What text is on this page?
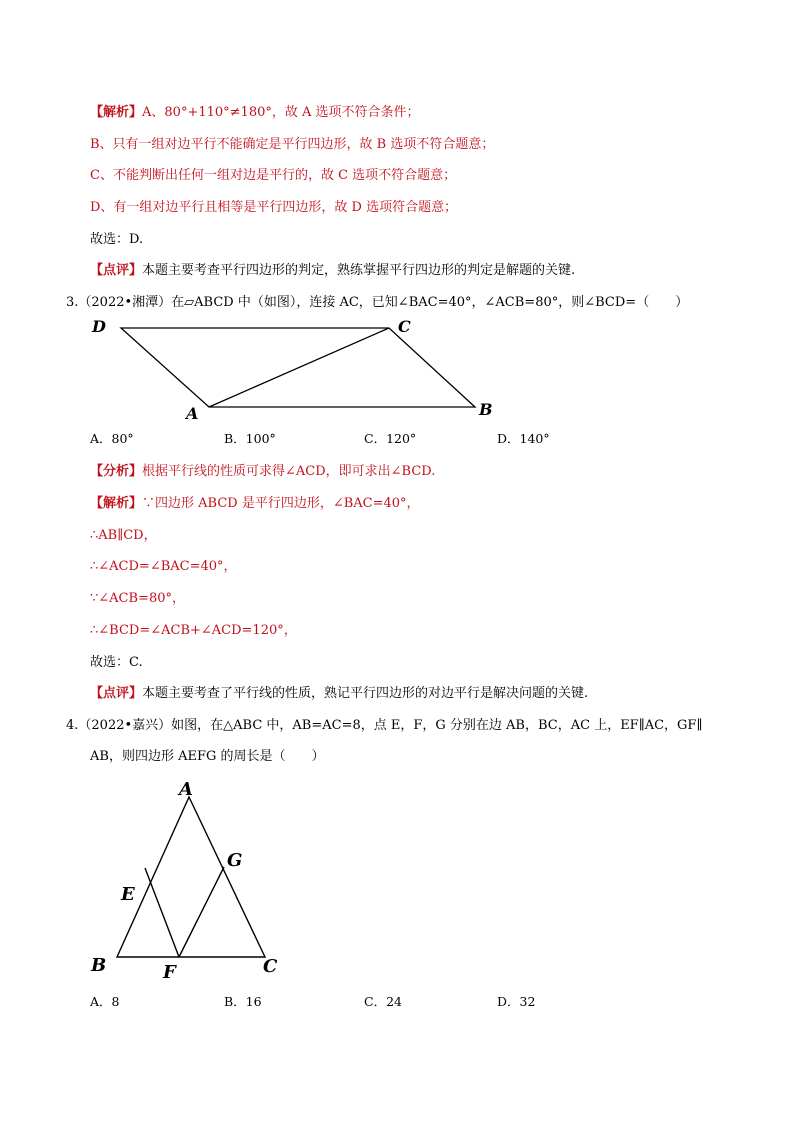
【解析】A、80°+110°≠180°，故 A 选项不符合条件；
B、只有一组对边平行不能确定是平行四边形，故 B 选项不符合题意；
C、不能判断出任何一组对边是平行的，故 C 选项不符合题意；
D、有一组对边平行且相等是平行四边形，故 D 选项符合题意；
故选：D.
【点评】本题主要考查平行四边形的判定，熟练掌握平行四边形的判定是解题的关键.
3.（2022•湘潭）在▱ABCD 中（如图），连接 AC，已知∠BAC=40°，∠ACB=80°，则∠BCD=（　　）
D	C
A	B
A．80°	B．100°	C．120°	D．140°
【分析】根据平行线的性质可求得∠ACD，即可求出∠BCD.
【解析】∵四边形 ABCD 是平行四边形，∠BAC=40°，
∴AB∥CD，
∴∠ACD=∠BAC=40°，
∵∠ACB=80°，
∴∠BCD=∠ACB+∠ACD=120°，
故选：C.
【点评】本题主要考查了平行线的性质，熟记平行四边形的对边平行是解决问题的关键.
4.（2022•嘉兴）如图，在△ABC 中，AB=AC=8，点 E，F，G 分别在边 AB，BC，AC 上，EF∥AC，GF∥
AB，则四边形 AEFG 的周长是（　　）
A
G
E
B	F	C
A．8	B．16	C．24	D．32
